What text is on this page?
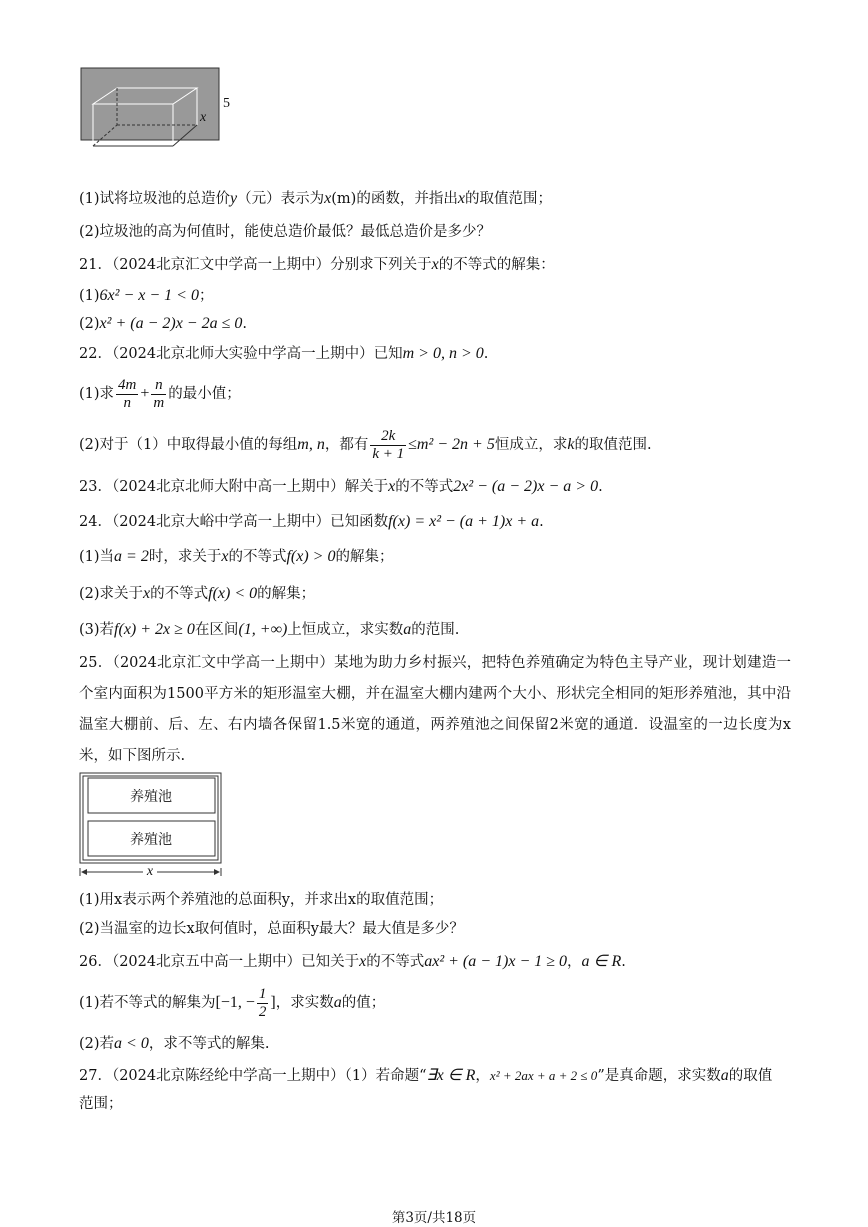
x
5
(1)试将垃圾池的总造价y（元）表示为x(m)的函数，并指出x的取值范围；
(2)垃圾池的高为何值时，能使总造价最低？最低总造价是多少？
21．（2024北京汇文中学高一上期中）分别求下列关于x的不等式的解集：
(1)6x² − x − 1 < 0；
(2)x² + (a − 2)x − 2a ≤ 0.
22．（2024北京北师大实验中学高一上期中）已知m > 0, n > 0.
(1)求 $\frac{4m}{n} + \frac{n}{m}$ 的最小值；
(2)对于（1）中取得最小值的每组m, n，都有 $\frac{2k}{k + 1} \le m^2 - 2n + 5$恒成立，求k的取值范围.
23．（2024北京北师大附中高一上期中）解关于x的不等式2x² − (a − 2)x − a > 0.
24．（2024北京大峪中学高一上期中）已知函数f(x) = x² − (a + 1)x + a.
(1)当a = 2时，求关于x的不等式f(x) > 0的解集；
(2)求关于x的不等式f(x) < 0的解集；
(3)若f(x) + 2x ≥ 0在区间(1, +∞)上恒成立，求实数a的范围.
25．（2024北京汇文中学高一上期中）某地为助力乡村振兴，把特色养殖确定为特色主导产业，现计划建造一个室内面积为1500平方米的矩形温室大棚，并在温室大棚内建两个大小、形状完全相同的矩形养殖池，其中沿温室大棚前、后、左、右内墙各保留1.5米宽的通道，两养殖池之间保留2米宽的通道．设温室的一边长度为x米，如下图所示.
养殖池
养殖池
x
(1)用x表示两个养殖池的总面积y，并求出x的取值范围；
(2)当温室的边长x取何值时，总面积y最大？最大值是多少？
26．（2024北京五中高一上期中）已知关于x的不等式ax² + (a − 1)x − 1 ≥ 0，a ∈ R.
(1)若不等式的解集为[−1, − $\frac{1}{2}$ ]，求实数a的值；
(2)若a < 0，求不等式的解集.
27．（2024北京陈经纶中学高一上期中）（1）若命题“∃x ∈ R，x² + 2ax + a + 2 ≤ 0”是真命题，求实数a的取值
范围；
第3页/共18页
